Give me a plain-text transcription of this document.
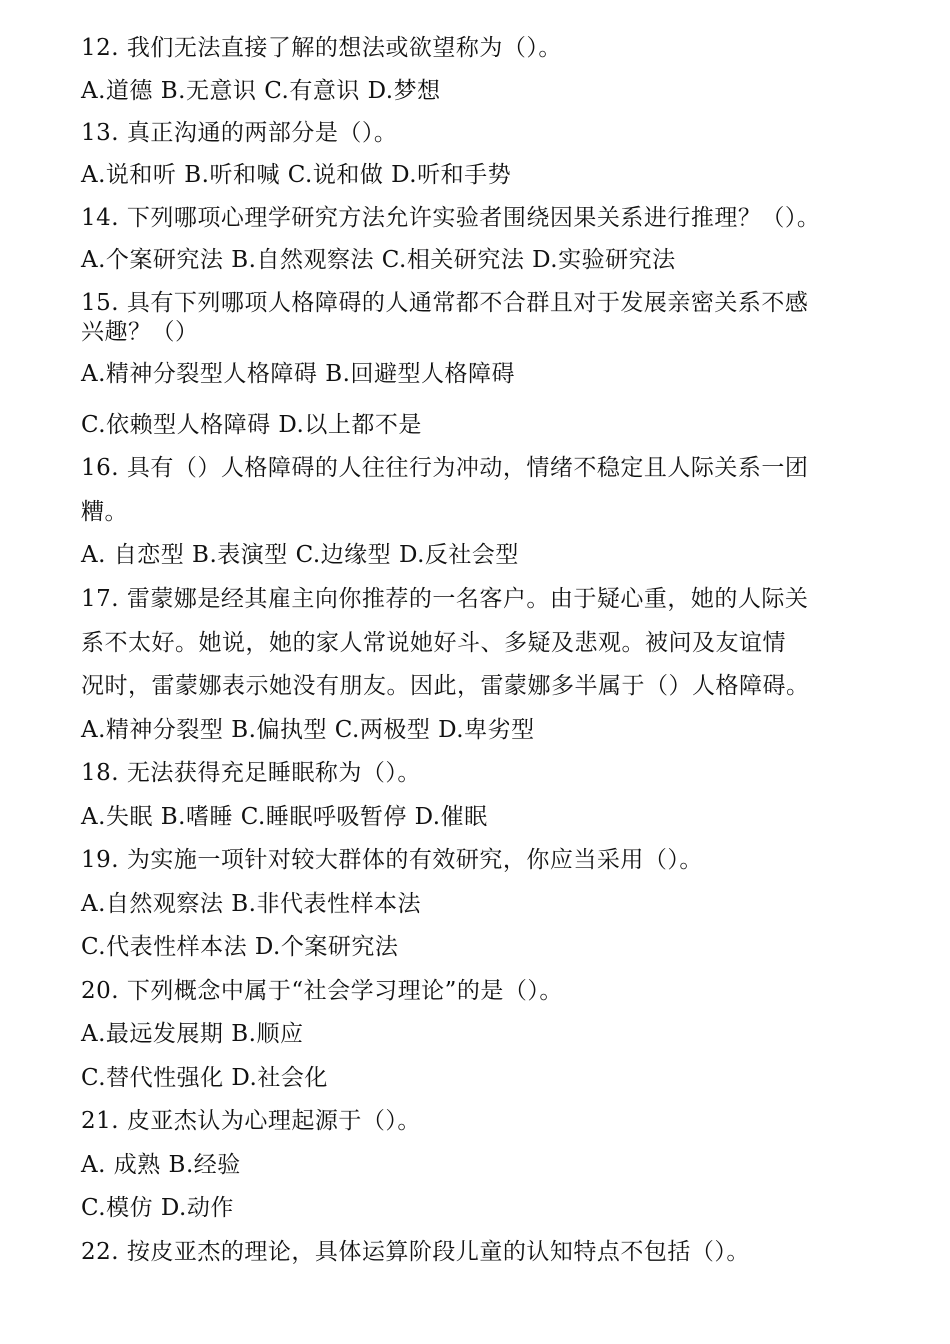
12. 我们无法直接了解的想法或欲望称为（）。
A.道德 B.无意识 C.有意识 D.梦想
13. 真正沟通的两部分是（）。
A.说和听 B.听和喊 C.说和做 D.听和手势
14. 下列哪项心理学研究方法允许实验者围绕因果关系进行推理？（）。
A.个案研究法 B.自然观察法 C.相关研究法 D.实验研究法
15. 具有下列哪项人格障碍的人通常都不合群且对于发展亲密关系不感
兴趣？（）
A.精神分裂型人格障碍 B.回避型人格障碍
C.依赖型人格障碍 D.以上都不是
16. 具有（）人格障碍的人往往行为冲动，情绪不稳定且人际关系一团
糟。
A. 自恋型 B.表演型 C.边缘型 D.反社会型
17. 雷蒙娜是经其雇主向你推荐的一名客户。由于疑心重，她的人际关
系不太好。她说，她的家人常说她好斗、多疑及悲观。被问及友谊情
况时，雷蒙娜表示她没有朋友。因此，雷蒙娜多半属于（）人格障碍。
A.精神分裂型 B.偏执型 C.两极型 D.卑劣型
18. 无法获得充足睡眠称为（）。
A.失眠 B.嗜睡 C.睡眠呼吸暂停 D.催眠
19. 为实施一项针对较大群体的有效研究，你应当采用（）。
A.自然观察法 B.非代表性样本法
C.代表性样本法 D.个案研究法
20. 下列概念中属于“社会学习理论”的是（）。
A.最远发展期 B.顺应
C.替代性强化 D.社会化
21. 皮亚杰认为心理起源于（）。
A. 成熟 B.经验
C.模仿 D.动作
22. 按皮亚杰的理论，具体运算阶段儿童的认知特点不包括（）。
